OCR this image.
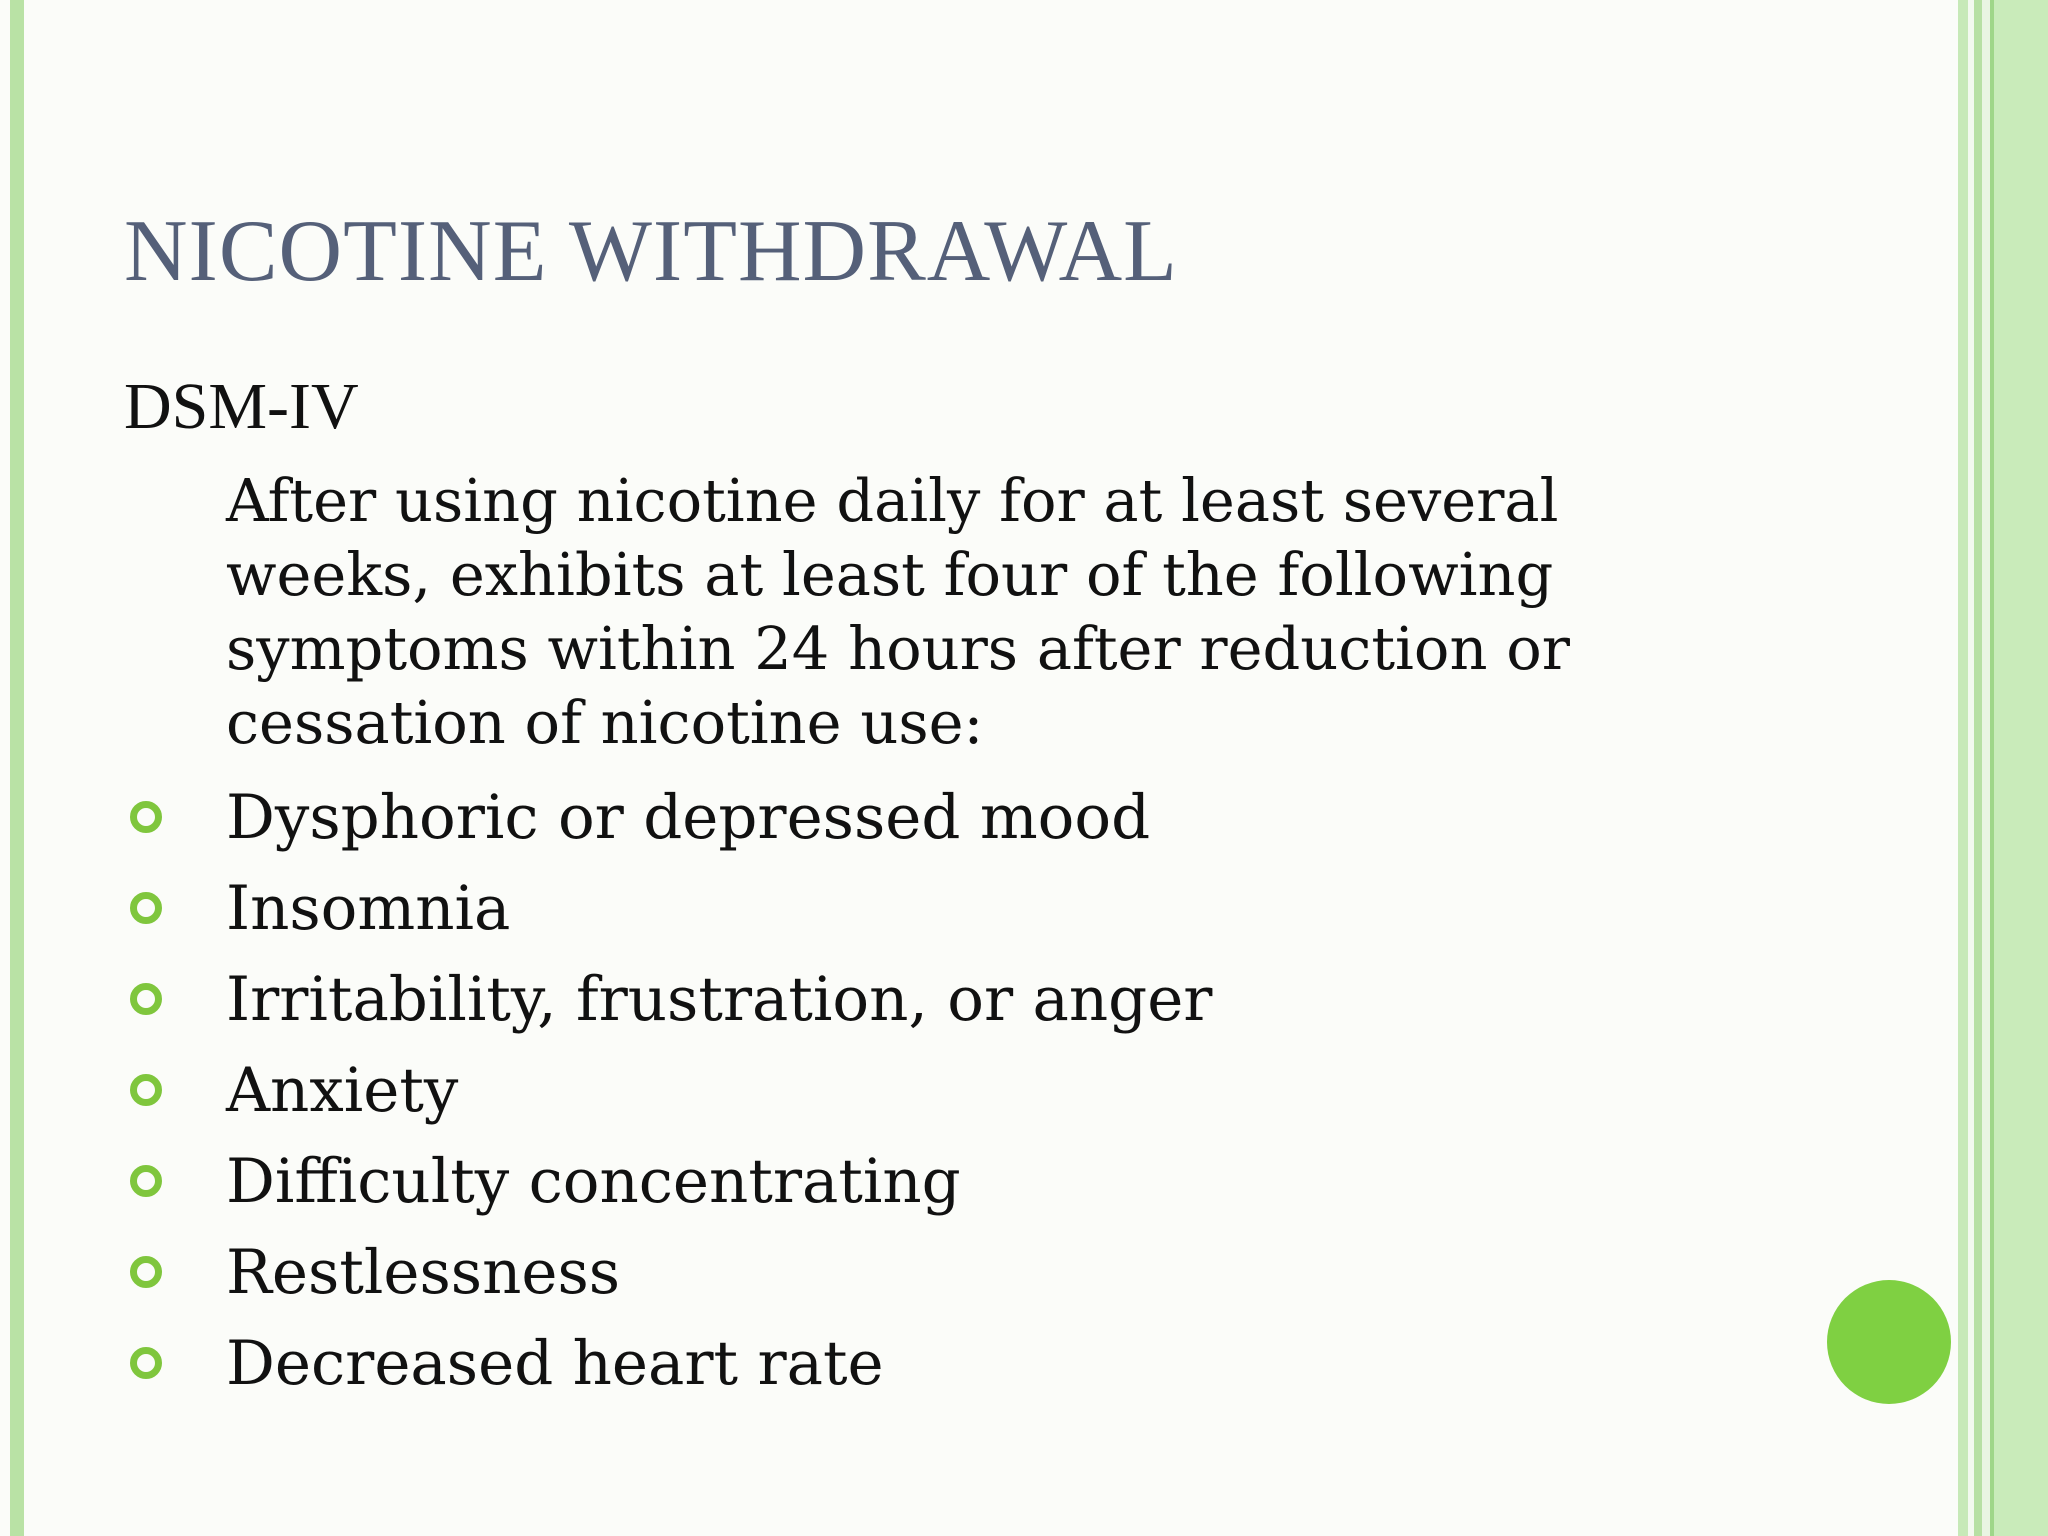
NICOTINE WITHDRAWAL

DSM-IV

After using nicotine daily for at least several weeks, exhibits at least four of the following symptoms within 24 hours after reduction or cessation of nicotine use:

Dysphoric or depressed mood
Insomnia
Irritability, frustration, or anger
Anxiety
Difficulty concentrating
Restlessness
Decreased heart rate
